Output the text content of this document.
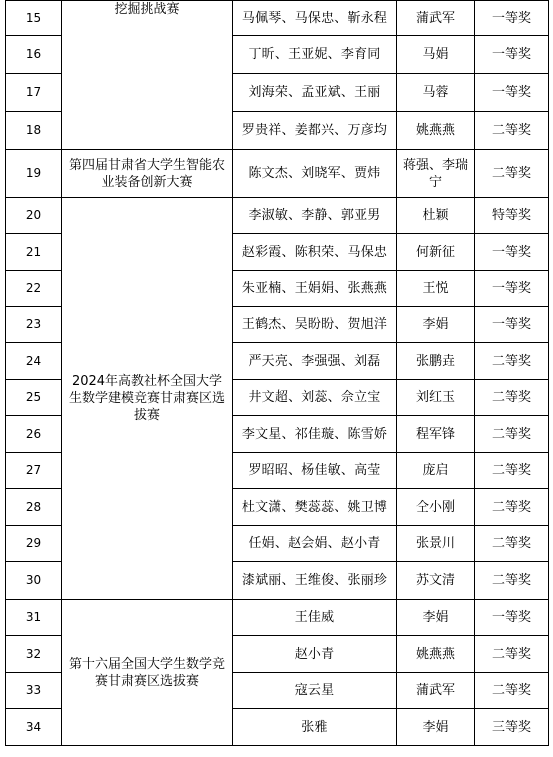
15	挖掘挑战赛	马佩琴、马保忠、靳永程	蒲武军	一等奖
16		丁昕、王亚妮、李育同	马娟	一等奖
17		刘海荣、孟亚斌、王丽	马蓉	一等奖
18		罗贵祥、姜都兴、万彦均	姚燕燕	二等奖
19	第四届甘肃省大学生智能农业装备创新大赛	陈文杰、刘晓军、贾炜	蒋强、李瑞宁	二等奖
20	2024年高教社杯全国大学生数学建模竞赛甘肃赛区选拔赛	李淑敏、李静、郭亚男	杜颖	特等奖
21		赵彩霞、陈积荣、马保忠	何新征	一等奖
22		朱亚楠、王娟娟、张燕燕	王悦	一等奖
23		王鹤杰、吴盼盼、贺旭洋	李娟	一等奖
24		严天亮、李强强、刘磊	张鹏垚	二等奖
25		井文超、刘蕊、佘立宝	刘红玉	二等奖
26		李文星、祁佳璇、陈雪娇	程军锋	二等奖
27		罗昭昭、杨佳敏、高莹	庞启	二等奖
28		杜文潇、樊蕊蕊、姚卫博	仝小刚	二等奖
29		任娟、赵会娟、赵小青	张景川	二等奖
30		漆斌丽、王维俊、张丽珍	苏文清	二等奖
31	第十六届全国大学生数学竞赛甘肃赛区选拔赛	王佳威	李娟	一等奖
32		赵小青	姚燕燕	二等奖
33		寇云星	蒲武军	二等奖
34		张雅	李娟	三等奖
